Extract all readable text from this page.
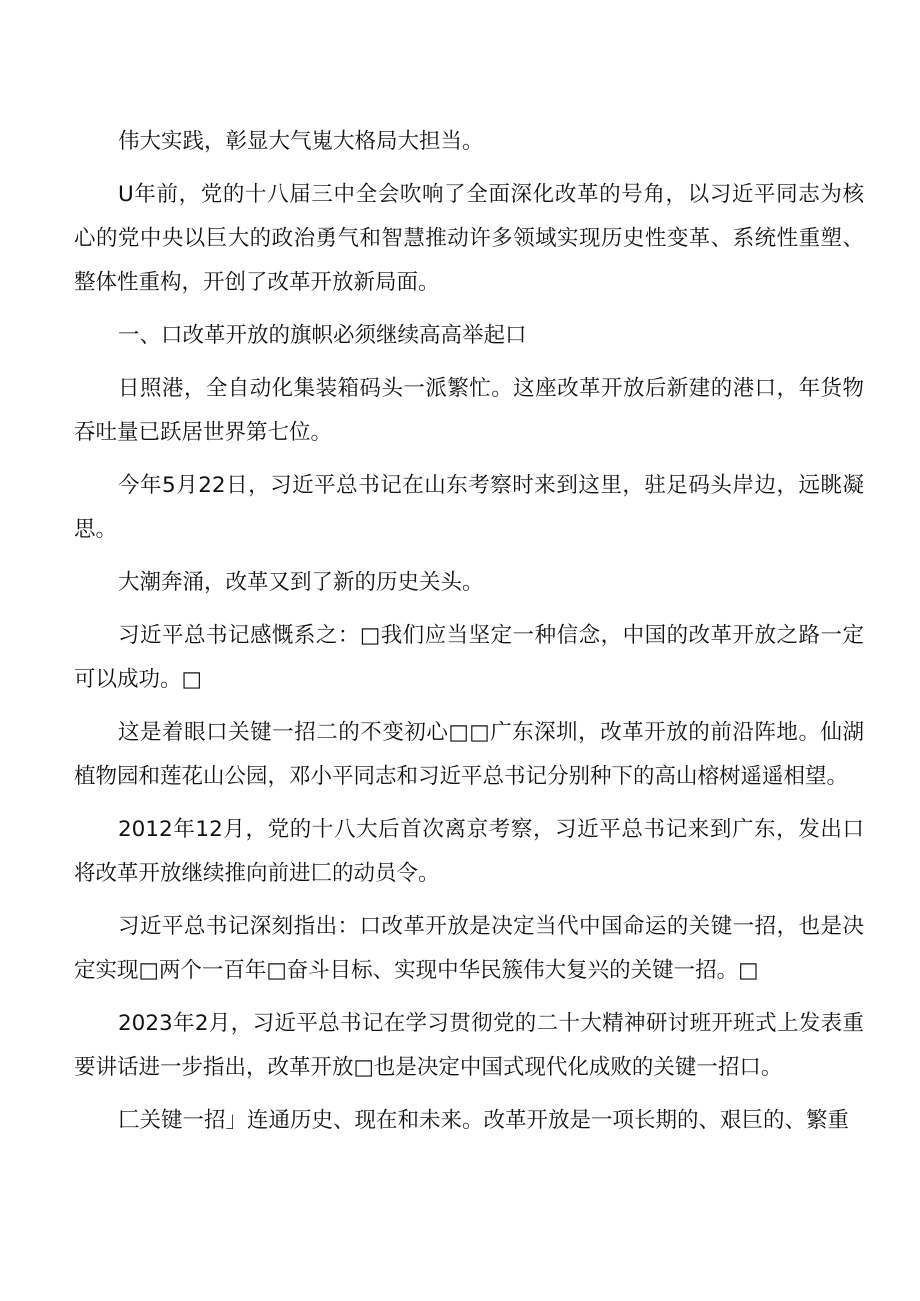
伟大实践，彰显大气嵬大格局大担当。

U年前，党的十八届三中全会吹响了全面深化改革的号角，以习近平同志为核心的党中央以巨大的政治勇气和智慧推动许多领域实现历史性变革、系统性重塑、整体性重构，开创了改革开放新局面。

一、口改革开放的旗帜必须继续高高举起口

日照港，全自动化集装箱码头一派繁忙。这座改革开放后新建的港口，年货物吞吐量已跃居世界第七位。

今年5月22日，习近平总书记在山东考察时来到这里，驻足码头岸边，远眺凝思。

大潮奔涌，改革又到了新的历史关头。

习近平总书记感慨系之：□我们应当坚定一种信念，中国的改革开放之路一定可以成功。□

这是着眼口关键一招二的不变初心□□广东深圳，改革开放的前沿阵地。仙湖植物园和莲花山公园，邓小平同志和习近平总书记分别种下的高山榕树遥遥相望。

2012年12月，党的十八大后首次离京考察，习近平总书记来到广东，发出口将改革开放继续推向前进匚的动员令。

习近平总书记深刻指出：口改革开放是决定当代中国命运的关键一招，也是决定实现□两个一百年□奋斗目标、实现中华民簇伟大复兴的关键一招。□

2023年2月，习近平总书记在学习贯彻党的二十大精神研讨班开班式上发表重要讲话进一步指出，改革开放□也是决定中国式现代化成败的关键一招口。

匚关键一招」连通历史、现在和未来。改革开放是一项长期的、艰巨的、繁重
